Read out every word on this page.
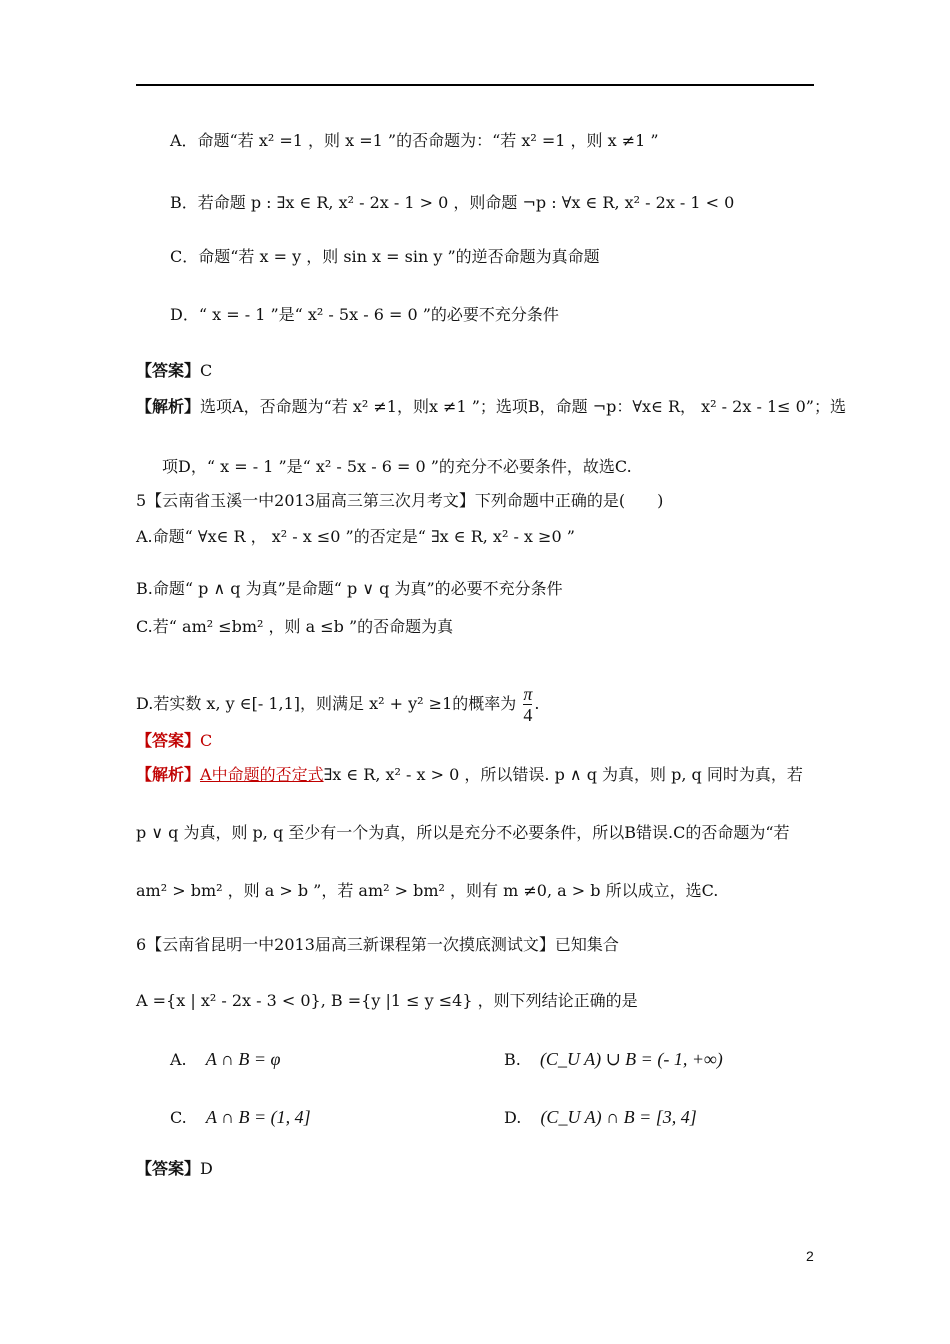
A．命题“若 x² =1 ，则 x =1 ”的否命题为：“若 x² =1 ，则 x ≠1 ”
B．若命题 p : ∃x ∈ R, x² - 2x - 1 > 0 ，则命题 ¬p : ∀x ∈ R, x² - 2x - 1 < 0
C．命题“若 x = y ，则 sin x = sin y ”的逆否命题为真命题
D．“ x = - 1 ”是“ x² - 5x - 6 = 0 ”的必要不充分条件
【答案】C
【解析】选项A，否命题为“若 x² ≠1，则x ≠1 ”；选项B，命题 ¬p：∀x∈ R， x² - 2x - 1≤ 0”；选
项D，“ x = - 1 ”是“ x² - 5x - 6 = 0 ”的充分不必要条件，故选C.
5【云南省玉溪一中2013届高三第三次月考文】下列命题中正确的是(　　)
A.命题“ ∀x∈ R ， x² - x ≤0 ”的否定是“ ∃x ∈ R, x² - x ≥0 ”
B.命题“ p ∧ q 为真”是命题“ p ∨ q 为真”的必要不充分条件
C.若“ am² ≤bm² ，则 a ≤b ”的否命题为真
D.若实数 x, y ∈[- 1,1]，则满足 x² + y² ≥1的概率为 $\frac{\pi}{4}$ .
【答案】C
【解析】A中命题的否定式∃x ∈ R, x² - x > 0 ，所以错误. p ∧ q 为真，则 p, q 同时为真，若
p ∨ q 为真，则 p, q 至少有一个为真，所以是充分不必要条件，所以B错误.C的否命题为“若
am² > bm² ，则 a > b ”，若 am² > bm² ，则有 m ≠0, a > b 所以成立，选C.
6【云南省昆明一中2013届高三新课程第一次摸底测试文】已知集合
A ={x | x² - 2x - 3 < 0}, B ={y |1 ≤ y ≤4} ，则下列结论正确的是
A. A ∩ B = φ	B. (C_U A) ∪ B = (- 1, +∞)
C. A ∩ B = (1, 4]	D. (C_U A) ∩ B = [3, 4]
【答案】D
2
